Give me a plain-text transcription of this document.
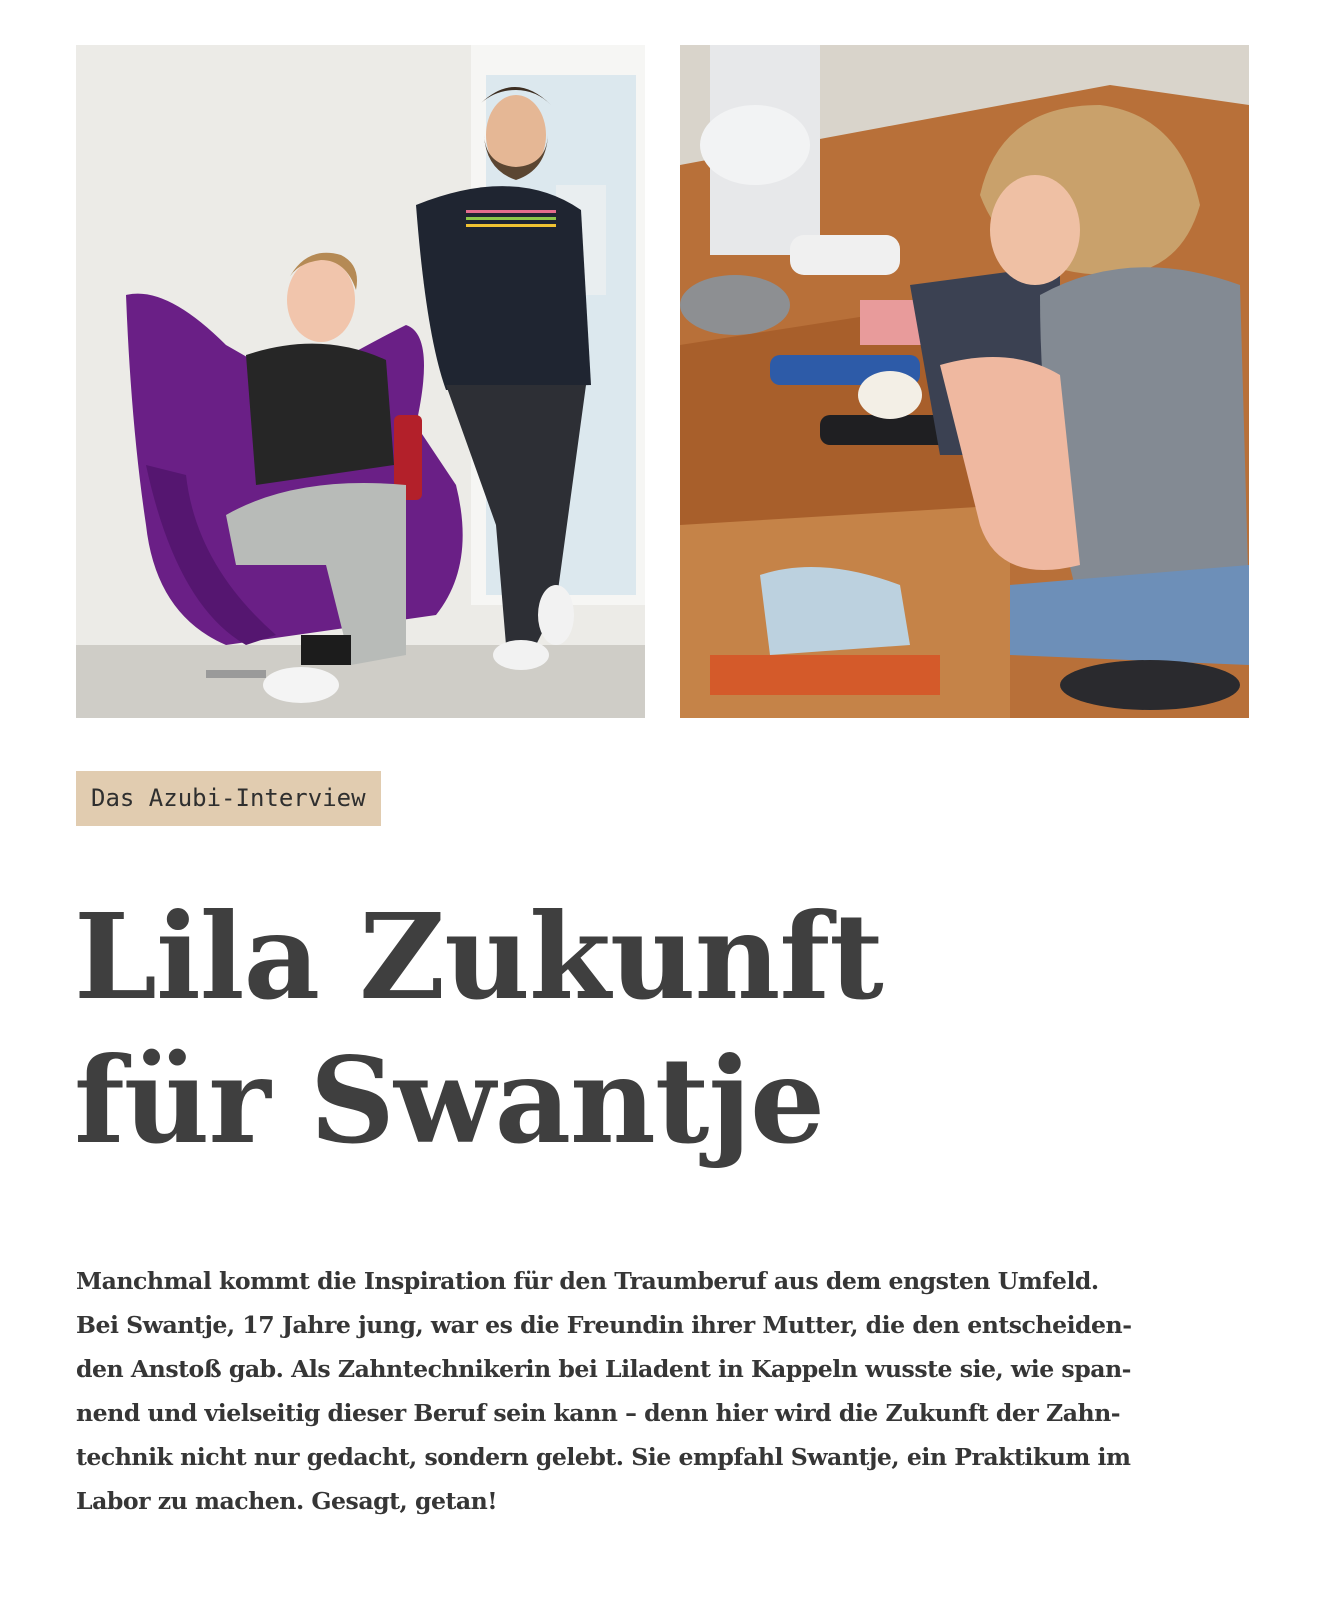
Das Azubi-Interview
Lila Zukunft
für Swantje

Manchmal kommt die Inspiration für den Traumberuf aus dem engsten Umfeld.
Bei Swantje, 17 Jahre jung, war es die Freundin ihrer Mutter, die den entscheiden-
den Anstoß gab. Als Zahntechnikerin bei Liladent in Kappeln wusste sie, wie span-
nend und vielseitig dieser Beruf sein kann – denn hier wird die Zukunft der Zahn-
technik nicht nur gedacht, sondern gelebt. Sie empfahl Swantje, ein Praktikum im
Labor zu machen. Gesagt, getan!
